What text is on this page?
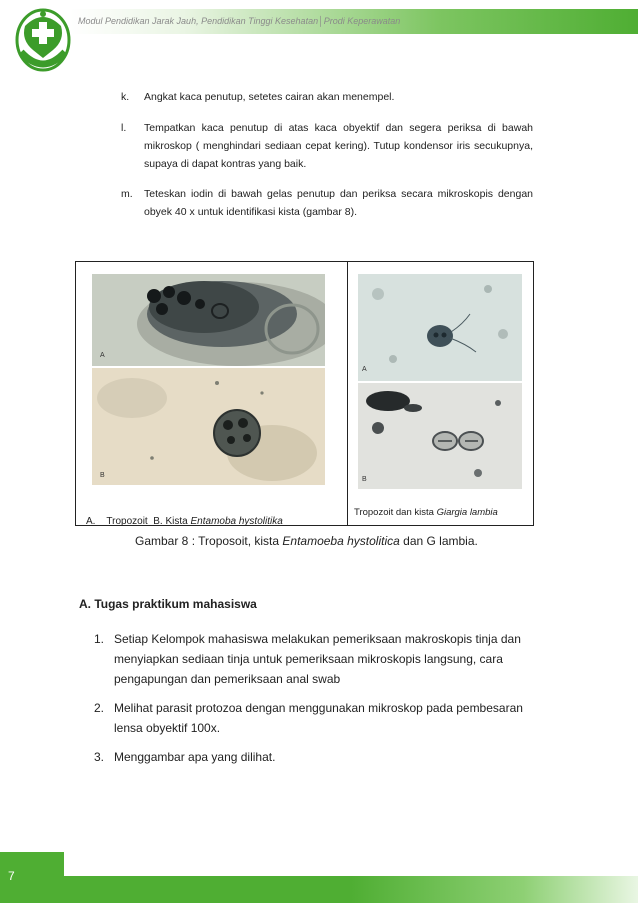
Modul Pendidikan Jarak Jauh, Pendidikan Tinggi Kesehatan│Prodi Keperawatan
k. Angkat kaca penutup, setetes cairan akan menempel.
l. Tempatkan kaca penutup di atas kaca obyektif dan segera periksa di bawah mikroskop ( menghindari sediaan cepat kering). Tutup kondensor iris secukupnya, supaya di dapat kontras yang baik.
m. Teteskan iodin di bawah gelas penutup dan periksa secara mikroskopis dengan obyek 40 x untuk identifikasi kista (gambar 8).
A
B
A
B
Tropozoit dan kista Giargia lambia
A.    Tropozoit  B. Kista Entamoba hystolitika
Gambar 8 : Troposoit, kista Entamoeba hystolitica dan G lambia.
A. Tugas praktikum mahasiswa
1. Setiap Kelompok mahasiswa melakukan pemeriksaan makroskopis tinja dan menyiapkan sediaan tinja untuk pemeriksaan mikroskopis langsung, cara pengapungan dan pemeriksaan anal swab
2. Melihat parasit protozoa dengan menggunakan mikroskop pada pembesaran lensa obyektif 100x.
3. Menggambar apa yang dilihat.
7
